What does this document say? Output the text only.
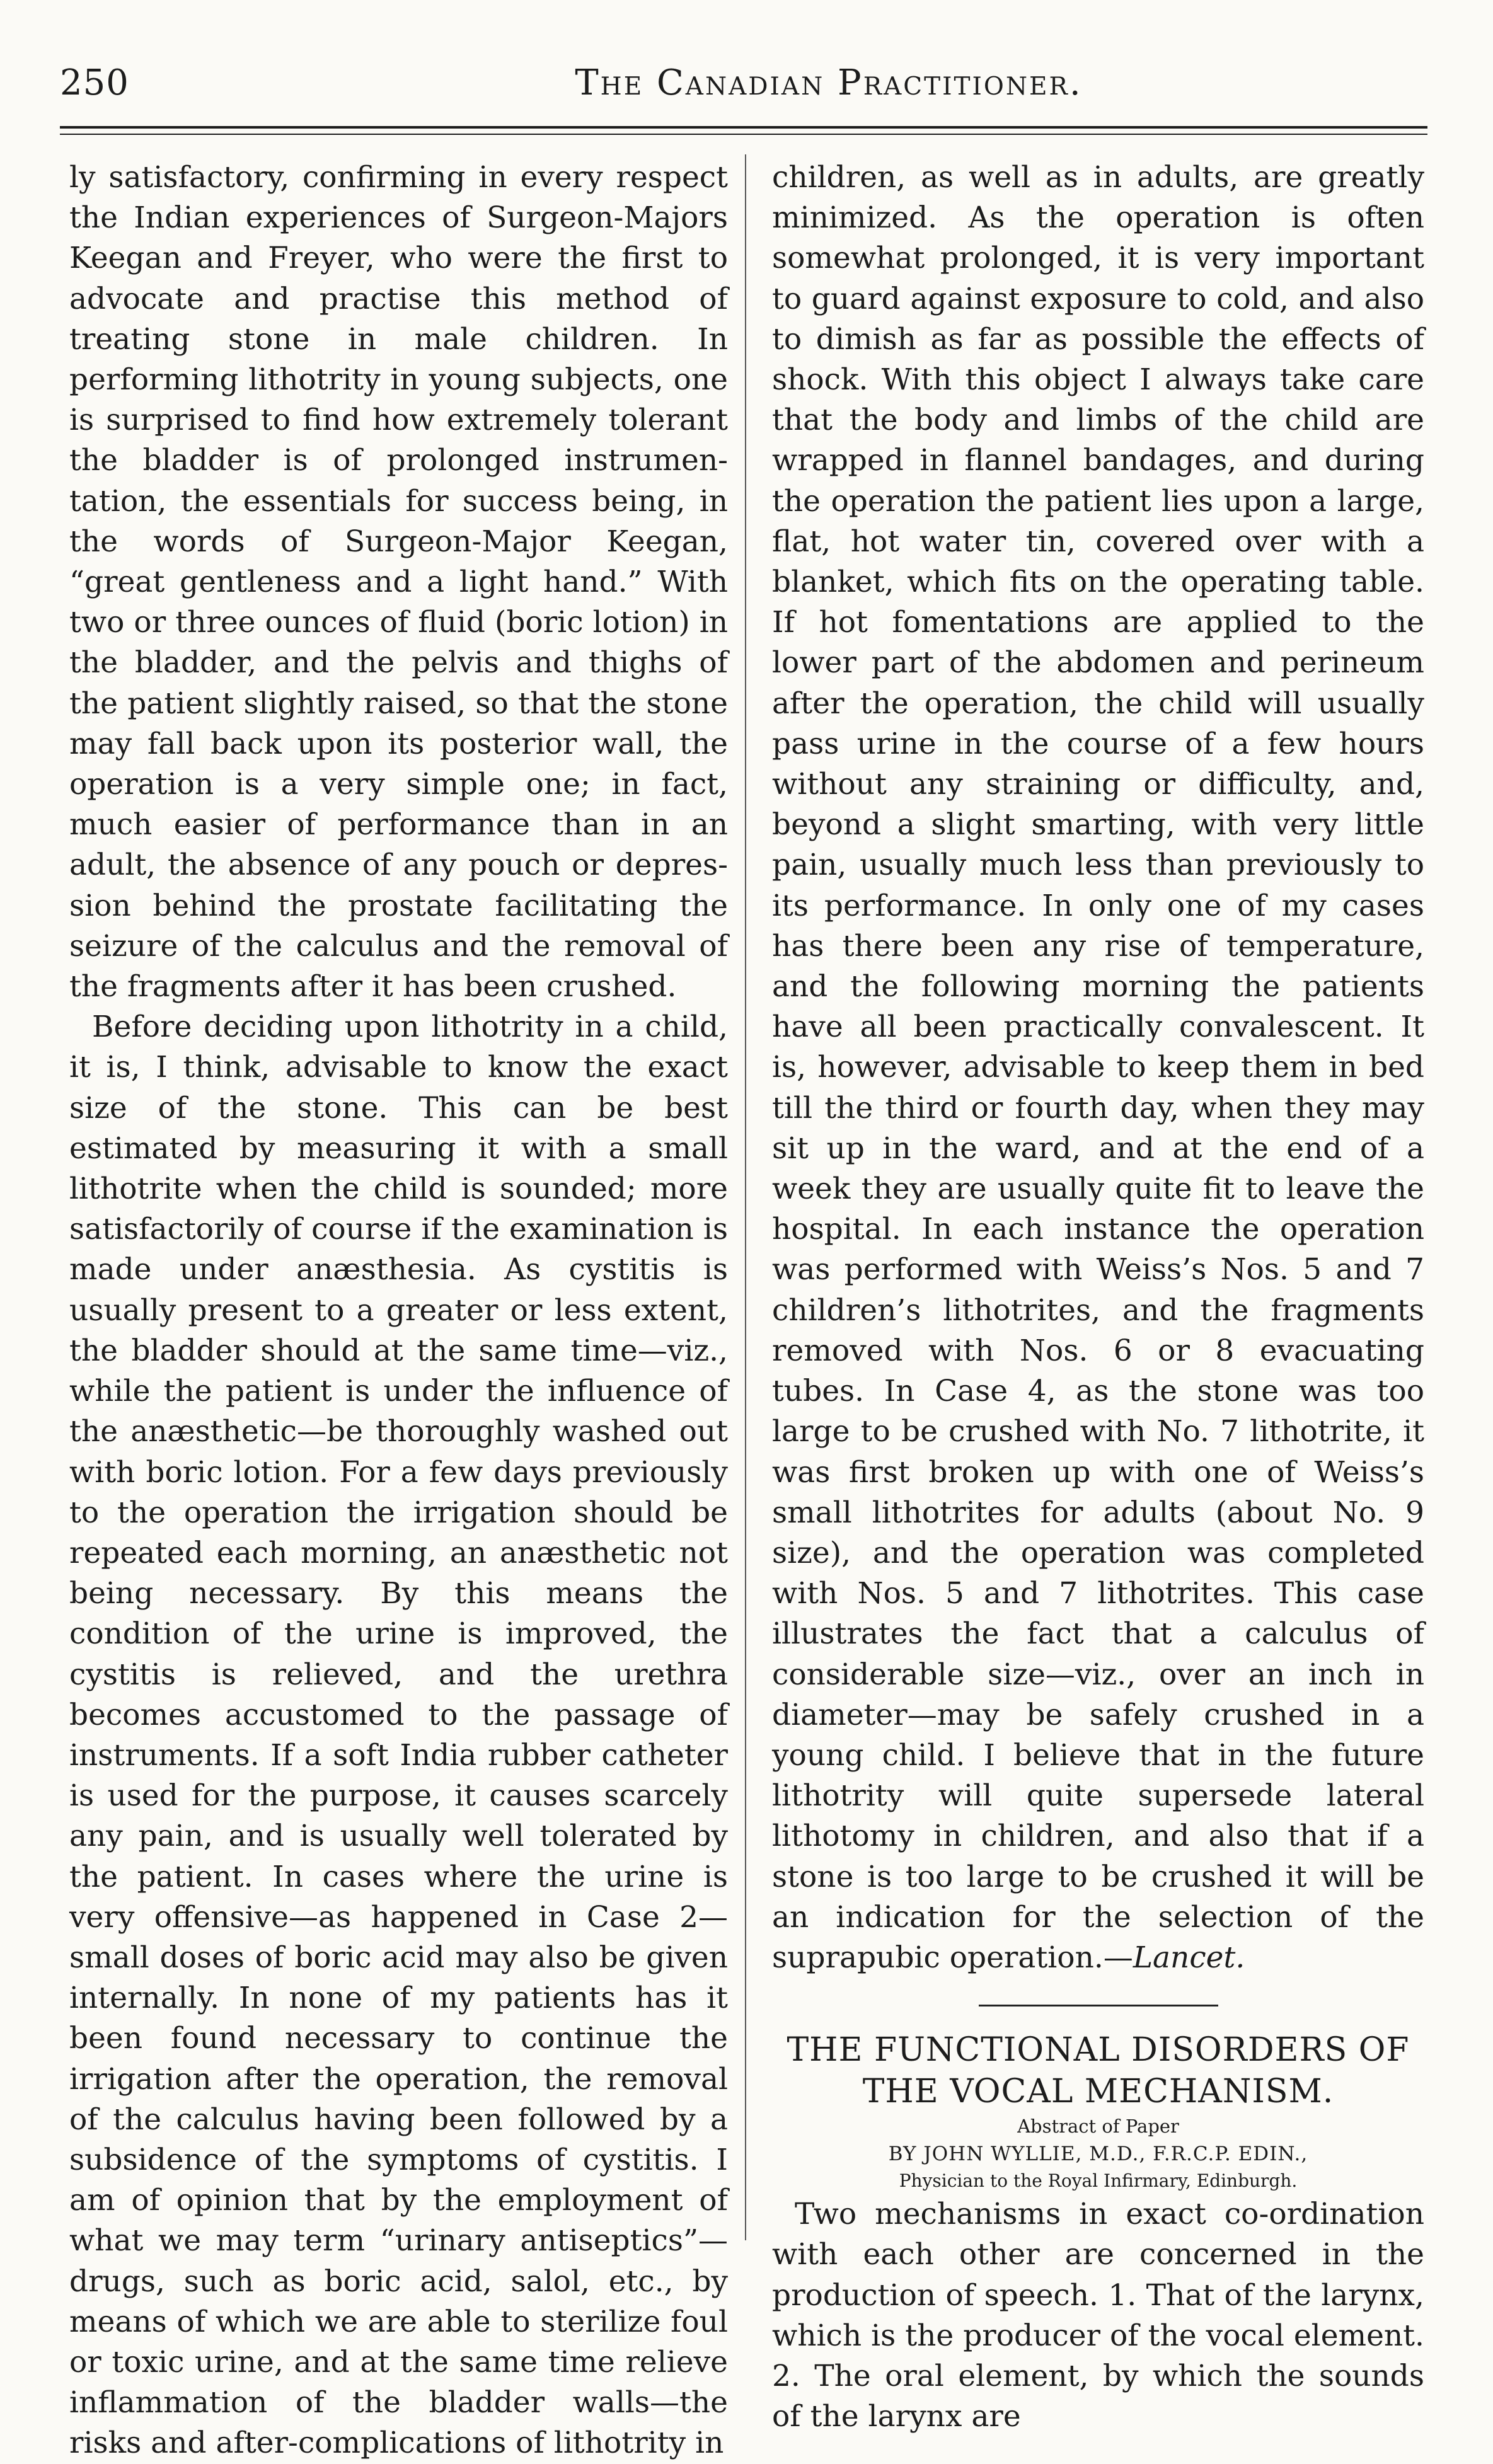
250	The Canadian Practitioner.

ly satisfactory, confirming in every respect the Indian experiences of Surgeon-Majors Keegan and Freyer, who were the first to advocate and practise this method of treating stone in male children. In performing lithotrity in young subjects, one is surprised to find how extremely tolerant the bladder is of prolonged instrumentation, the essentials for success being, in the words of Surgeon-Major Keegan, “great gentleness and a light hand.” With two or three ounces of fluid (boric lotion) in the bladder, and the pelvis and thighs of the patient slightly raised, so that the stone may fall back upon its posterior wall, the operation is a very simple one; in fact, much easier of performance than in an adult, the absence of any pouch or depression behind the prostate facilitating the seizure of the calculus and the removal of the fragments after it has been crushed.

Before deciding upon lithotrity in a child, it is, I think, advisable to know the exact size of the stone. This can be best estimated by measuring it with a small lithotrite when the child is sounded; more satisfactorily of course if the examination is made under anæsthesia. As cystitis is usually present to a greater or less extent, the bladder should at the same time—viz., while the patient is under the influence of the anæsthetic—be thoroughly washed out with boric lotion. For a few days previously to the operation the irrigation should be repeated each morning, an anæsthetic not being necessary. By this means the condition of the urine is improved, the cystitis is relieved, and the urethra becomes accustomed to the passage of instruments. If a soft India rubber catheter is used for the purpose, it causes scarcely any pain, and is usually well tolerated by the patient. In cases where the urine is very offensive—as happened in Case 2—small doses of boric acid may also be given internally. In none of my patients has it been found necessary to continue the irrigation after the operation, the removal of the calculus having been followed by a subsidence of the symptoms of cystitis. I am of opinion that by the employment of what we may term “urinary antiseptics”—drugs, such as boric acid, salol, etc., by means of which we are able to sterilize foul or toxic urine, and at the same time relieve inflammation of the bladder walls—the risks and after-complications of lithotrity in

children, as well as in adults, are greatly minimized. As the operation is often somewhat prolonged, it is very important to guard against exposure to cold, and also to dimish as far as possible the effects of shock. With this object I always take care that the body and limbs of the child are wrapped in flannel bandages, and during the operation the patient lies upon a large, flat, hot water tin, covered over with a blanket, which fits on the operating table. If hot fomentations are applied to the lower part of the abdomen and perineum after the operation, the child will usually pass urine in the course of a few hours without any straining or difficulty, and, beyond a slight smarting, with very little pain, usually much less than previously to its performance. In only one of my cases has there been any rise of temperature, and the following morning the patients have all been practically convalescent. It is, however, advisable to keep them in bed till the third or fourth day, when they may sit up in the ward, and at the end of a week they are usually quite fit to leave the hospital. In each instance the operation was performed with Weiss’s Nos. 5 and 7 children’s lithotrites, and the fragments removed with Nos. 6 or 8 evacuating tubes. In Case 4, as the stone was too large to be crushed with No. 7 lithotrite, it was first broken up with one of Weiss’s small lithotrites for adults (about No. 9 size), and the operation was completed with Nos. 5 and 7 lithotrites. This case illustrates the fact that a calculus of considerable size—viz., over an inch in diameter—may be safely crushed in a young child. I believe that in the future lithotrity will quite supersede lateral lithotomy in children, and also that if a stone is too large to be crushed it will be an indication for the selection of the suprapubic operation.—Lancet.

THE FUNCTIONAL DISORDERS OF

THE VOCAL MECHANISM.

Abstract of Paper

BY JOHN WYLLIE, M.D., F.R.C.P. EDIN.,

Physician to the Royal Infirmary, Edinburgh.

Two mechanisms in exact co-ordination with each other are concerned in the production of speech. 1. That of the larynx, which is the producer of the vocal element. 2. The oral element, by which the sounds of the larynx are
